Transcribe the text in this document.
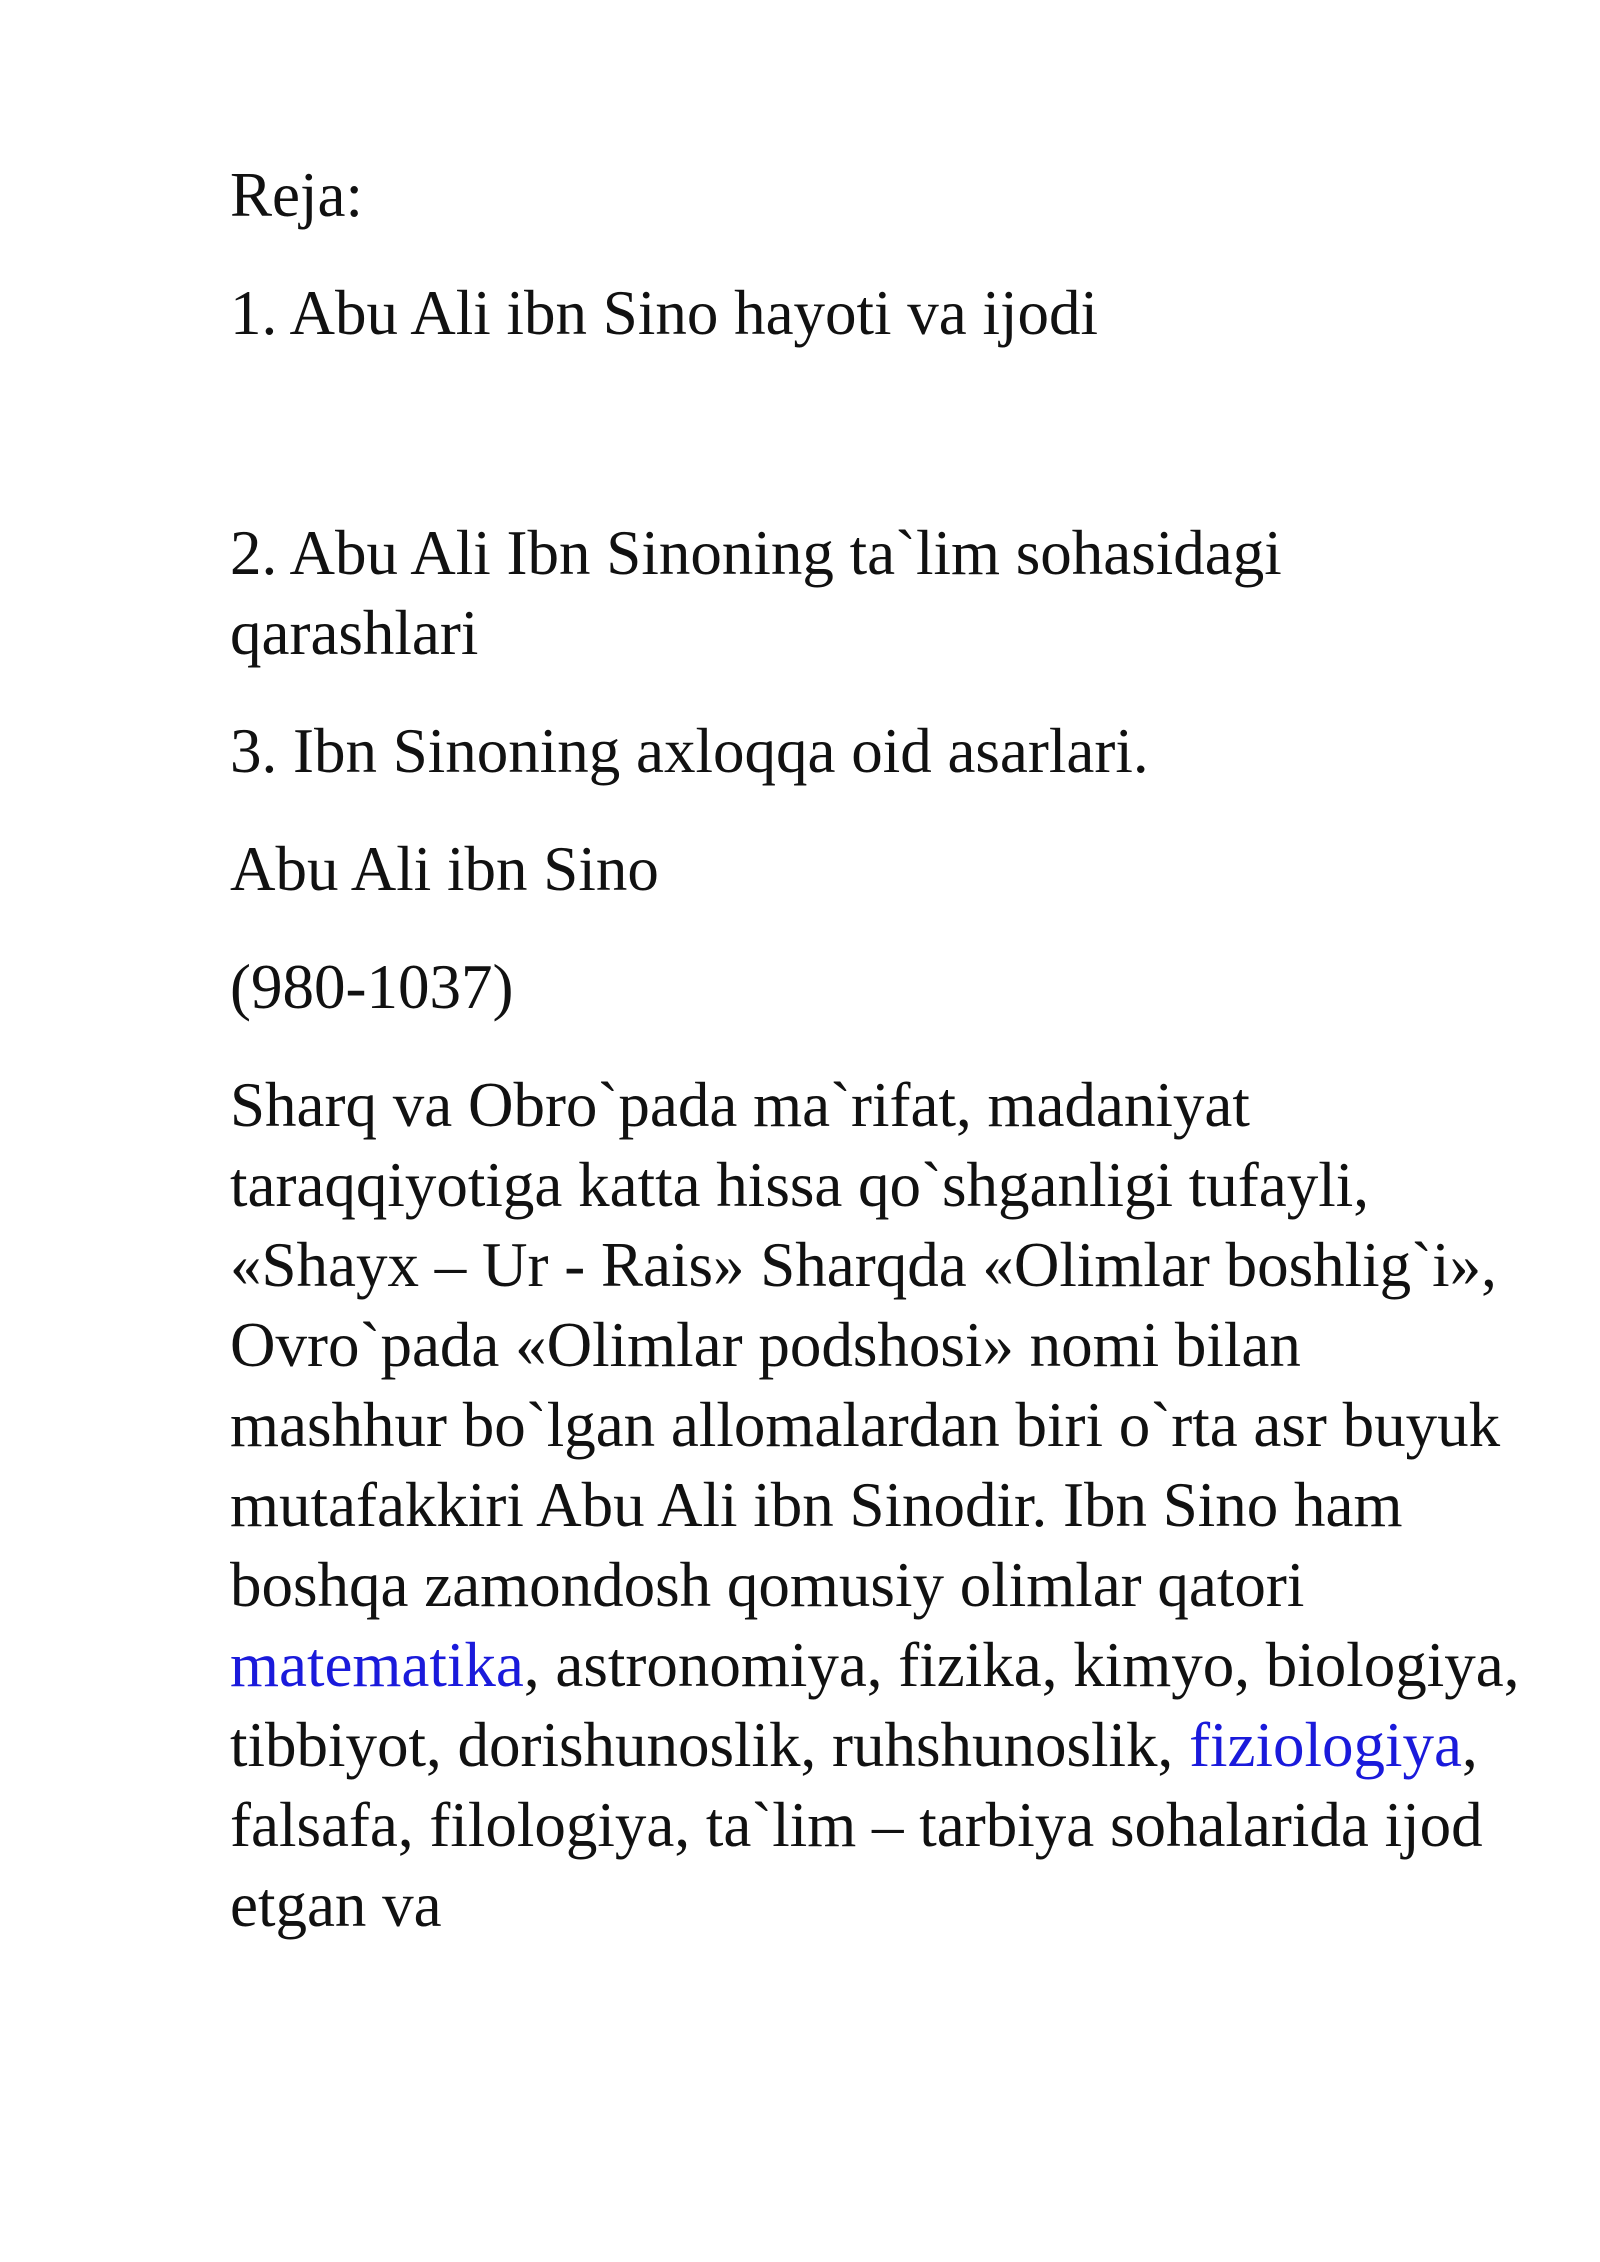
Reja:

1. Abu Ali ibn Sino hayoti va ijodi

2. Abu Ali Ibn Sinoning ta`lim sohasidagi qarashlari

3. Ibn Sinoning axloqqa oid asarlari.

Abu Ali ibn Sino

(980-1037)

Sharq va Obro`pada ma`rifat, madaniyat taraqqiyotiga katta hissa qo`shganligi tufayli, «Shayx – Ur - Rais» Sharqda «Olimlar boshlig`i», Ovro`pada «Olimlar podshosi» nomi bilan mashhur bo`lgan allomalardan biri o`rta asr buyuk mutafakkiri Abu Ali ibn Sinodir. Ibn Sino ham boshqa zamondosh qomusiy olimlar qatori matematika, astronomiya, fizika, kimyo, biologiya, tibbiyot, dorishunoslik, ruhshunoslik, fiziologiya, falsafa, filologiya, ta`lim – tarbiya sohalarida ijod etgan va
